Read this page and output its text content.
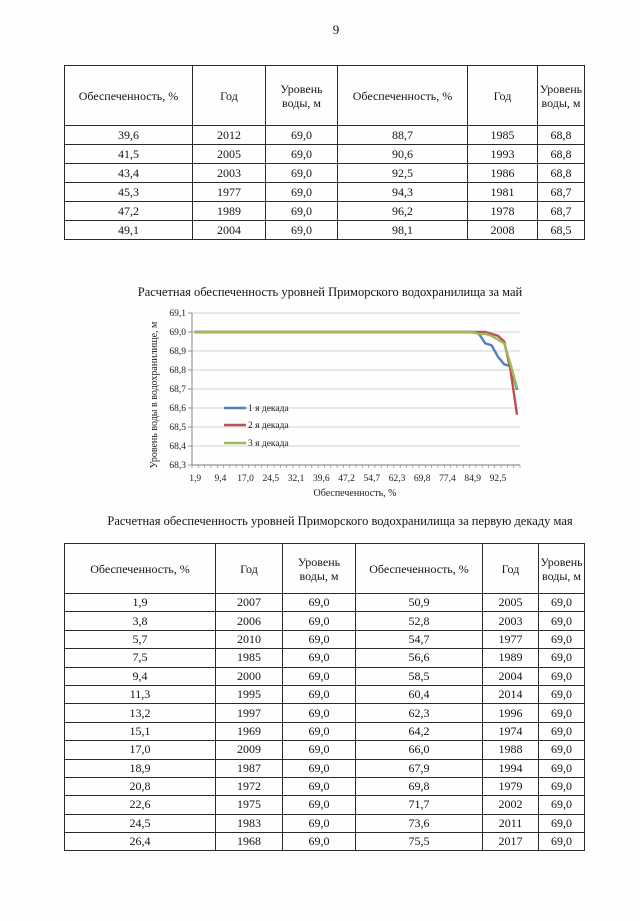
9
Обеспеченность, %	Год	Уровень воды, м	Обеспеченность, %	Год	Уровень воды, м
39,6	2012	69,0	88,7	1985	68,8
41,5	2005	69,0	90,6	1993	68,8
43,4	2003	69,0	92,5	1986	68,8
45,3	1977	69,0	94,3	1981	68,7
47,2	1989	69,0	96,2	1978	68,7
49,1	2004	69,0	98,1	2008	68,5
Расчетная обеспеченность уровней Приморского водохранилища за май
68,3
68,4
68,5
68,6
68,7
68,8
68,9
69,0
69,1
1,9 9,4 17,0 24,5 32,1 39,6 47,2 54,7 62,3 69,8 77,4 84,9 92,5
Уровень воды в водохранилище, м
Обеспеченность, %
1 я декада
2 я декада
3 я декада
Расчетная обеспеченность уровней Приморского водохранилища за первую декаду мая
Обеспеченность, %	Год	Уровень воды, м	Обеспеченность, %	Год	Уровень воды, м
1,9	2007	69,0	50,9	2005	69,0
3,8	2006	69,0	52,8	2003	69,0
5,7	2010	69,0	54,7	1977	69,0
7,5	1985	69,0	56,6	1989	69,0
9,4	2000	69,0	58,5	2004	69,0
11,3	1995	69,0	60,4	2014	69,0
13,2	1997	69,0	62,3	1996	69,0
15,1	1969	69,0	64,2	1974	69,0
17,0	2009	69,0	66,0	1988	69,0
18,9	1987	69,0	67,9	1994	69,0
20,8	1972	69,0	69,8	1979	69,0
22,6	1975	69,0	71,7	2002	69,0
24,5	1983	69,0	73,6	2011	69,0
26,4	1968	69,0	75,5	2017	69,0
